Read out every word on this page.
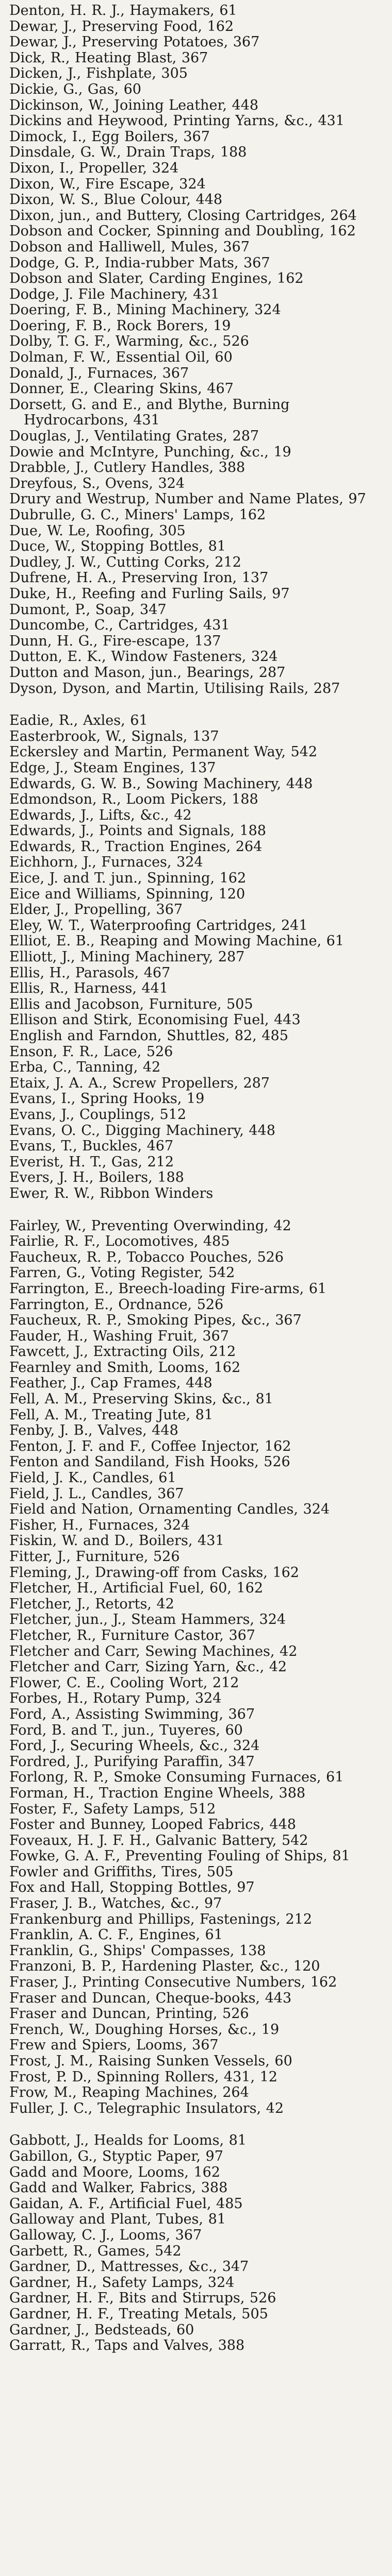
Denton, H. R. J., Haymakers, 61
Dewar, J., Preserving Food, 162
Dewar, J., Preserving Potatoes, 367
Dick, R., Heating Blast, 367
Dicken, J., Fishplate, 305
Dickie, G., Gas, 60
Dickinson, W., Joining Leather, 448
Dickins and Heywood, Printing Yarns, &c., 431
Dimock, I., Egg Boilers, 367
Dinsdale, G. W., Drain Traps, 188
Dixon, I., Propeller, 324
Dixon, W., Fire Escape, 324
Dixon, W. S., Blue Colour, 448
Dixon, jun., and Buttery, Closing Cartridges, 264
Dobson and Cocker, Spinning and Doubling, 162
Dobson and Halliwell, Mules, 367
Dodge, G. P., India-rubber Mats, 367
Dobson and Slater, Carding Engines, 162
Dodge, J. File Machinery, 431
Doering, F. B., Mining Machinery, 324
Doering, F. B., Rock Borers, 19
Dolby, T. G. F., Warming, &c., 526
Dolman, F. W., Essential Oil, 60
Donald, J., Furnaces, 367
Donner, E., Clearing Skins, 467
Dorsett, G. and E., and Blythe, Burning Hydrocarbons, 431
Douglas, J., Ventilating Grates, 287
Dowie and McIntyre, Punching, &c., 19
Drabble, J., Cutlery Handles, 388
Dreyfous, S., Ovens, 324
Drury and Westrup, Number and Name Plates, 97
Dubrulle, G. C., Miners' Lamps, 162
Due, W. Le, Roofing, 305
Duce, W., Stopping Bottles, 81
Dudley, J. W., Cutting Corks, 212
Dufrene, H. A., Preserving Iron, 137
Duke, H., Reefing and Furling Sails, 97
Dumont, P., Soap, 347
Duncombe, C., Cartridges, 431
Dunn, H. G., Fire-escape, 137
Dutton, E. K., Window Fasteners, 324
Dutton and Mason, jun., Bearings, 287
Dyson, Dyson, and Martin, Utilising Rails, 287
Eadie, R., Axles, 61
Easterbrook, W., Signals, 137
Eckersley and Martin, Permanent Way, 542
Edge, J., Steam Engines, 137
Edwards, G. W. B., Sowing Machinery, 448
Edmondson, R., Loom Pickers, 188
Edwards, J., Lifts, &c., 42
Edwards, J., Points and Signals, 188
Edwards, R., Traction Engines, 264
Eichhorn, J., Furnaces, 324
Eice, J. and T. jun., Spinning, 162
Eice and Williams, Spinning, 120
Elder, J., Propelling, 367
Eley, W. T., Waterproofing Cartridges, 241
Elliot, E. B., Reaping and Mowing Machine, 61
Elliott, J., Mining Machinery, 287
Ellis, H., Parasols, 467
Ellis, R., Harness, 441
Ellis and Jacobson, Furniture, 505
Ellison and Stirk, Economising Fuel, 443
English and Farndon, Shuttles, 82, 485
Enson, F. R., Lace, 526
Erba, C., Tanning, 42
Etaix, J. A. A., Screw Propellers, 287
Evans, I., Spring Hooks, 19
Evans, J., Couplings, 512
Evans, O. C., Digging Machinery, 448
Evans, T., Buckles, 467
Everist, H. T., Gas, 212
Evers, J. H., Boilers, 188
Ewer, R. W., Ribbon Winders
Fairley, W., Preventing Overwinding, 42
Fairlie, R. F., Locomotives, 485
Faucheux, R. P., Tobacco Pouches, 526
Farren, G., Voting Register, 542
Farrington, E., Breech-loading Fire-arms, 61
Farrington, E., Ordnance, 526
Faucheux, R. P., Smoking Pipes, &c., 367
Fauder, H., Washing Fruit, 367
Fawcett, J., Extracting Oils, 212
Fearnley and Smith, Looms, 162
Feather, J., Cap Frames, 448
Fell, A. M., Preserving Skins, &c., 81
Fell, A. M., Treating Jute, 81
Fenby, J. B., Valves, 448
Fenton, J. F. and F., Coffee Injector, 162
Fenton and Sandiland, Fish Hooks, 526
Field, J. K., Candles, 61
Field, J. L., Candles, 367
Field and Nation, Ornamenting Candles, 324
Fisher, H., Furnaces, 324
Fiskin, W. and D., Boilers, 431
Fitter, J., Furniture, 526
Fleming, J., Drawing-off from Casks, 162
Fletcher, H., Artificial Fuel, 60, 162
Fletcher, J., Retorts, 42
Fletcher, jun., J., Steam Hammers, 324
Fletcher, R., Furniture Castor, 367
Fletcher and Carr, Sewing Machines, 42
Fletcher and Carr, Sizing Yarn, &c., 42
Flower, C. E., Cooling Wort, 212
Forbes, H., Rotary Pump, 324
Ford, A., Assisting Swimming, 367
Ford, B. and T., jun., Tuyeres, 60
Ford, J., Securing Wheels, &c., 324
Fordred, J., Purifying Paraffin, 347
Forlong, R. P., Smoke Consuming Furnaces, 61
Forman, H., Traction Engine Wheels, 388
Foster, F., Safety Lamps, 512
Foster and Bunney, Looped Fabrics, 448
Foveaux, H. J. F. H., Galvanic Battery, 542
Fowke, G. A. F., Preventing Fouling of Ships, 81
Fowler and Griffiths, Tires, 505
Fox and Hall, Stopping Bottles, 97
Fraser, J. B., Watches, &c., 97
Frankenburg and Phillips, Fastenings, 212
Franklin, A. C. F., Engines, 61
Franklin, G., Ships' Compasses, 138
Franzoni, B. P., Hardening Plaster, &c., 120
Fraser, J., Printing Consecutive Numbers, 162
Fraser and Duncan, Cheque-books, 443
Fraser and Duncan, Printing, 526
French, W., Doughing Horses, &c., 19
Frew and Spiers, Looms, 367
Frost, J. M., Raising Sunken Vessels, 60
Frost, P. D., Spinning Rollers, 431, 12
Frow, M., Reaping Machines, 264
Fuller, J. C., Telegraphic Insulators, 42
Gabbott, J., Healds for Looms, 81
Gabillon, G., Styptic Paper, 97
Gadd and Moore, Looms, 162
Gadd and Walker, Fabrics, 388
Gaidan, A. F., Artificial Fuel, 485
Galloway and Plant, Tubes, 81
Galloway, C. J., Looms, 367
Garbett, R., Games, 542
Gardner, D., Mattresses, &c., 347
Gardner, H., Safety Lamps, 324
Gardner, H. F., Bits and Stirrups, 526
Gardner, H. F., Treating Metals, 505
Gardner, J., Bedsteads, 60
Garratt, R., Taps and Valves, 388
